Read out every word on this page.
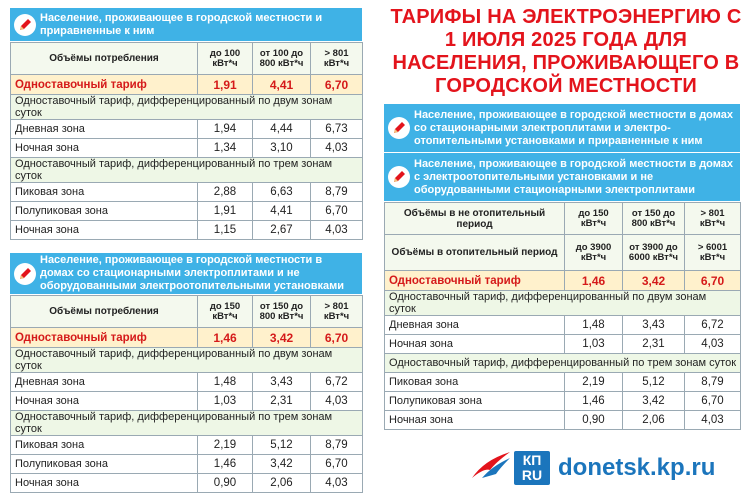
Население, проживающее в городской местности и приравненные к ним
Объёмы потребления	до 100 кВт*ч	от 100 до 800 кВт*ч	> 801 кВт*ч
Одноставочный тариф	1,91	4,41	6,70
Одноставочный тариф, дифференцированный по двум зонам суток			
Дневная зона	1,94	4,44	6,73
Ночная зона	1,34	3,10	4,03
Одноставочный тариф, дифференцированный по трем зонам суток			
Пиковая зона	2,88	6,63	8,79
Полупиковая зона	1,91	4,41	6,70
Ночная зона	1,15	2,67	4,03
Население, проживающее в городской местности в домах со стационарными электроплитами и не оборудованными электроотопительными установками
Объёмы потребления	до 150 кВт*ч	от 150 до 800 кВт*ч	> 801 кВт*ч
Одноставочный тариф	1,46	3,42	6,70
Одноставочный тариф, дифференцированный по двум зонам суток			
Дневная зона	1,48	3,43	6,72
Ночная зона	1,03	2,31	4,03
Одноставочный тариф, дифференцированный по трем зонам суток			
Пиковая зона	2,19	5,12	8,79
Полупиковая зона	1,46	3,42	6,70
Ночная зона	0,90	2,06	4,03
ТАРИФЫ НА ЭЛЕКТРОЭНЕРГИЮ С 1 ИЮЛЯ 2025 ГОДА ДЛЯ НАСЕЛЕНИЯ, ПРОЖИВАЮЩЕГО В ГОРОДСКОЙ МЕСТНОСТИ
Население, проживающее в городской местности в домах со стационарными электроплитами и электро-отопительными установками и приравненные к ним
Население, проживающее в городской местности в домах с электроотопительными установками и не оборудованными стационарными электроплитами
Объёмы в не отопительный период	до 150 кВт*ч	от 150 до 800 кВт*ч	> 801 кВт*ч
Объёмы в отопительный период	до 3900 кВт*ч	от 3900 до 6000 кВт*ч	> 6001 кВт*ч
Одноставочный тариф	1,46	3,42	6,70
Одноставочный тариф, дифференцированный по двум зонам суток			
Дневная зона	1,48	3,43	6,72
Ночная зона	1,03	2,31	4,03
Одноставочный тариф, дифференцированный по трем зонам суток			
Пиковая зона	2,19	5,12	8,79
Полупиковая зона	1,46	3,42	6,70
Ночная зона	0,90	2,06	4,03
КП
RU donetsk.kp.ru
